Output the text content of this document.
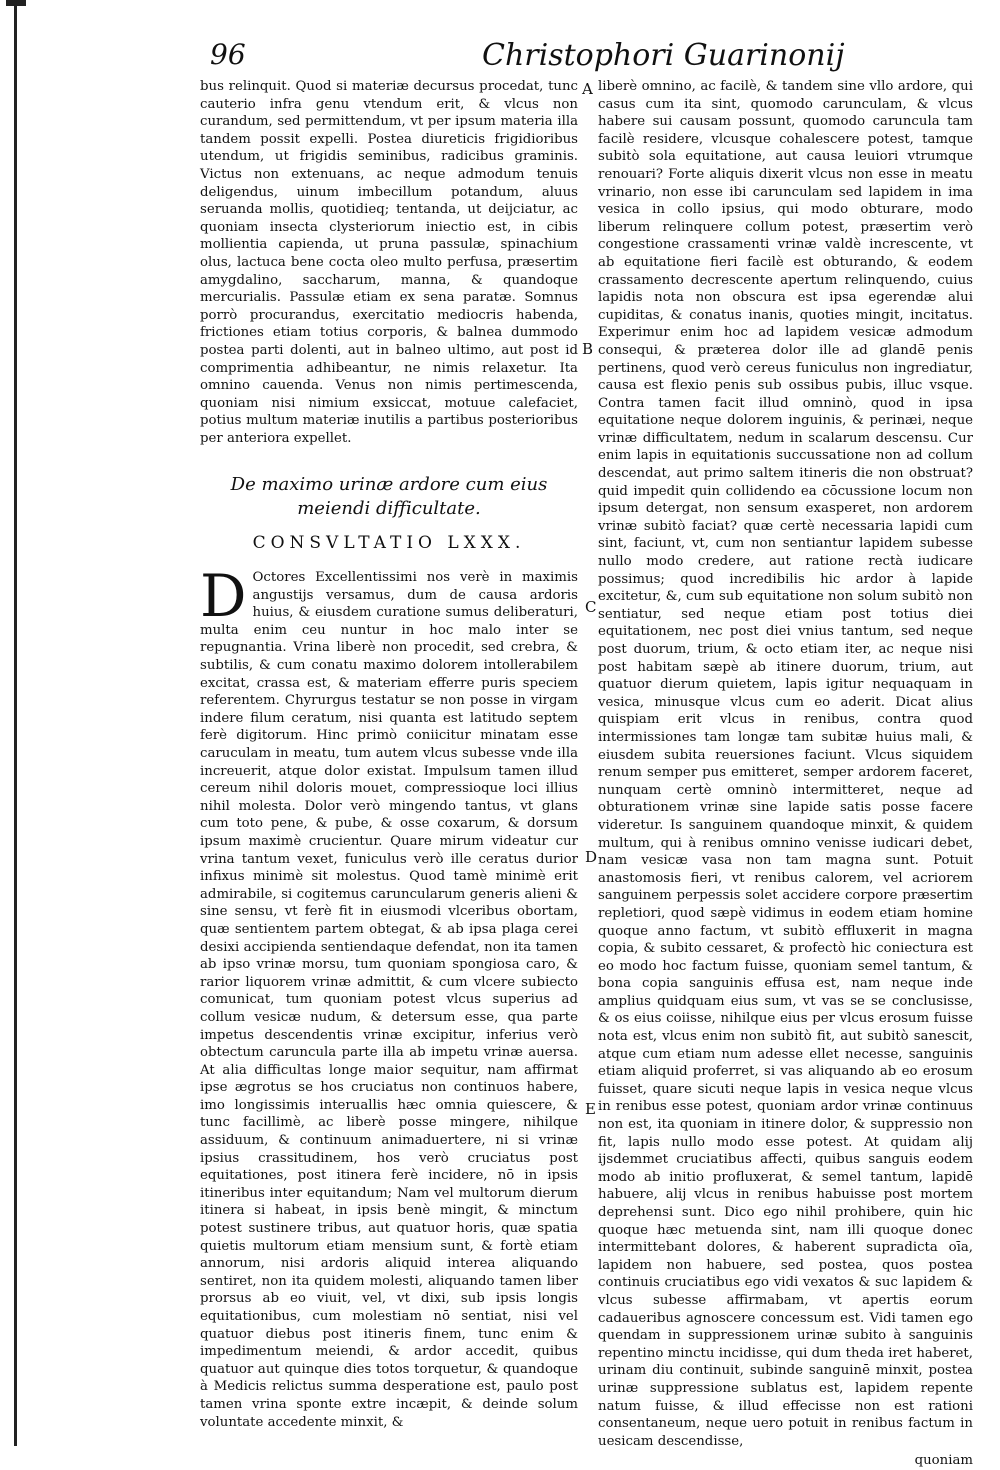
96	Christophori Guarinonij

bus relinquit. Quod si materiæ decursus procedat, tunc cauterio infra genu vtendum erit, & vlcus non curandum, sed permittendum, vt per ipsum materia illa tandem possit expelli. Postea diureticis frigidioribus utendum, ut frigidis seminibus, radicibus graminis. Victus non extenuans, ac neque admodum tenuis deligendus, uinum imbecillum potandum, aluus seruanda mollis, quotidieq; tentanda, ut deijciatur, ac quoniam insecta clysteriorum iniectio est, in cibis mollientia capienda, ut pruna passulæ, spinachium olus, lactuca bene cocta oleo multo perfusa, præsertim amygdalino, saccharum, manna, & quandoque mercurialis. Passulæ etiam ex sena paratæ. Somnus porrò procurandus, exercitatio mediocris habenda, frictiones etiam totius corporis, & balnea dummodo postea parti dolenti, aut in balneo ultimo, aut post id comprimentia adhibeantur, ne nimis relaxetur. Ita omnino cauenda. Venus non nimis pertimescenda, quoniam nisi nimium exsiccat, motuue calefaciet, potius multum materiæ inutilis a partibus posterioribus per anteriora expellet.

De maximo urinæ ardore cum eius meiendi difficultate.
CONSVLTATIO LXXX.

D Octores Excellentissimi nos verè in maximis angustijs versamus, dum de causa ardoris huius, & eiusdem curatione sumus deliberaturi, multa enim ceu nuntur in hoc malo inter se repugnantia. Vrina liberè non procedit, sed crebra, & subtilis, & cum conatu maximo dolorem intollerabilem excitat, crassa est, & materiam efferre puris speciem referentem. Chyrurgus testatur se non posse in virgam indere filum ceratum, nisi quanta est latitudo septem ferè digitorum. Hinc primò coniicitur minatam esse caruculam in meatu, tum autem vlcus subesse vnde illa increuerit, atque dolor existat. Impulsum tamen illud cereum nihil doloris mouet, compressioque loci illius nihil molesta. Dolor verò mingendo tantus, vt glans cum toto pene, & pube, & osse coxarum, & dorsum ipsum maximè crucientur. Quare mirum videatur cur vrina tantum vexet, funiculus verò ille ceratus durior infixus minimè sit molestus. Quod tamè minimè erit admirabile, si cogitemus caruncularum generis alieni & sine sensu, vt ferè fit in eiusmodi vlceribus obortam, quæ sentientem partem obtegat, & ab ipsa plaga cerei desixi accipienda sentiendaque defendat, non ita tamen ab ipso vrinæ morsu, tum quoniam spongiosa caro, & rarior liquorem vrinæ admittit, & cum vlcere subiecto comunicat, tum quoniam potest vlcus superius ad collum vesicæ nudum, & detersum esse, qua parte impetus descendentis vrinæ excipitur, inferius verò obtectum caruncula parte illa ab impetu vrinæ auersa. At alia difficultas longe maior sequitur, nam affirmat ipse ægrotus se hos cruciatus non continuos habere, imo longissimis interuallis hæc omnia quiescere, & tunc facillimè, ac liberè posse mingere, nihilque assiduum, & continuum animaduertere, ni si vrinæ ipsius crassitudinem, hos verò cruciatus post equitationes, post itinera ferè incidere, nō in ipsis itineribus inter equitandum; Nam vel multorum dierum itinera si habeat, in ipsis benè mingit, & minctum potest sustinere tribus, aut quatuor horis, quæ spatia quietis multorum etiam mensium sunt, & fortè etiam annorum, nisi ardoris aliquid interea aliquando sentiret, non ita quidem molesti, aliquando tamen liber prorsus ab eo viuit, vel, vt dixi, sub ipsis longis equitationibus, cum molestiam nō sentiat, nisi vel quatuor diebus post itineris finem, tunc enim & impedimentum meiendi, & ardor accedit, quibus quatuor aut quinque dies totos torquetur, & quandoque à Medicis relictus summa desperatione est, paulo post tamen vrina sponte extre incæpit, & deinde solum voluntate accedente minxit, &

A
B
C
D
E

liberè omnino, ac facilè, & tandem sine vllo ardore, qui casus cum ita sint, quomodo carunculam, & vlcus habere sui causam possunt, quomodo caruncula tam facilè residere, vlcusque cohalescere potest, tamque subitò sola equitatione, aut causa leuiori vtrumque renouari? Forte aliquis dixerit vlcus non esse in meatu vrinario, non esse ibi carunculam sed lapidem in ima vesica in collo ipsius, qui modo obturare, modo liberum relinquere collum potest, præsertim verò congestione crassamenti vrinæ valdè increscente, vt ab equitatione fieri facilè est obturando, & eodem crassamento decrescente apertum relinquendo, cuius lapidis nota non obscura est ipsa egerendæ alui cupiditas, & conatus inanis, quoties mingit, incitatus. Experimur enim hoc ad lapidem vesicæ admodum consequi, & præterea dolor ille ad glandē penis pertinens, quod verò cereus funiculus non ingrediatur, causa est flexio penis sub ossibus pubis, illuc vsque. Contra tamen facit illud omninò, quod in ipsa equitatione neque dolorem inguinis, & perinæi, neque vrinæ difficultatem, nedum in scalarum descensu. Cur enim lapis in equitationis succussatione non ad collum descendat, aut primo saltem itineris die non obstruat? quid impedit quin collidendo ea cōcussione locum non ipsum detergat, non sensum exasperet, non ardorem vrinæ subitò faciat? quæ certè necessaria lapidi cum sint, faciunt, vt, cum non sentiantur lapidem subesse nullo modo credere, aut ratione rectà iudicare possimus; quod incredibilis hic ardor à lapide excitetur, &, cum sub equitatione non solum subitò non sentiatur, sed neque etiam post totius diei equitationem, nec post diei vnius tantum, sed neque post duorum, trium, & octo etiam iter, ac neque nisi post habitam sæpè ab itinere duorum, trium, aut quatuor dierum quietem, lapis igitur nequaquam in vesica, minusque vlcus cum eo aderit. Dicat alius quispiam erit vlcus in renibus, contra quod intermissiones tam longæ tam subitæ huius mali, & eiusdem subita reuersiones faciunt. Vlcus siquidem renum semper pus emitteret, semper ardorem faceret, nunquam certè omninò intermitteret, neque ad obturationem vrinæ sine lapide satis posse facere videretur. Is sanguinem quandoque minxit, & quidem multum, qui à renibus omnino venisse iudicari debet, nam vesicæ vasa non tam magna sunt. Potuit anastomosis fieri, vt renibus calorem, vel acriorem sanguinem perpessis solet accidere corpore præsertim repletiori, quod sæpè vidimus in eodem etiam homine quoque anno factum, vt subitò effluxerit in magna copia, & subito cessaret, & profectò hic coniectura est eo modo hoc factum fuisse, quoniam semel tantum, & bona copia sanguinis effusa est, nam neque inde amplius quidquam eius sum, vt vas se se conclusisse, & os eius coiisse, nihilque eius per vlcus erosum fuisse nota est, vlcus enim non subitò fit, aut subitò sanescit, atque cum etiam num adesse ellet necesse, sanguinis etiam aliquid proferret, si vas aliquando ab eo erosum fuisset, quare sicuti neque lapis in vesica neque vlcus in renibus esse potest, quoniam ardor vrinæ continuus non est, ita quoniam in itinere dolor, & suppressio non fit, lapis nullo modo esse potest. At quidam alij ijsdemmet cruciatibus affecti, quibus sanguis eodem modo ab initio profluxerat, & semel tantum, lapidē habuere, alij vlcus in renibus habuisse post mortem deprehensi sunt. Dico ego nihil prohibere, quin hic quoque hæc metuenda sint, nam illi quoque donec intermittebant dolores, & haberent supradicta oīa, lapidem non habuere, sed postea, quos postea continuis cruciatibus ego vidi vexatos & suc lapidem & vlcus subesse affirmabam, vt apertis eorum cadaueribus agnoscere concessum est. Vidi tamen ego quendam in suppressionem urinæ subito à sanguinis repentino minctu incidisse, qui dum theda iret haberet, urinam diu continuit, subinde sanguinē minxit, postea urinæ suppressione sublatus est, lapidem repente natum fuisse, & illud effecisse non est rationi consentaneum, neque uero potuit in renibus factum in uesicam descendisse,

quoniam
